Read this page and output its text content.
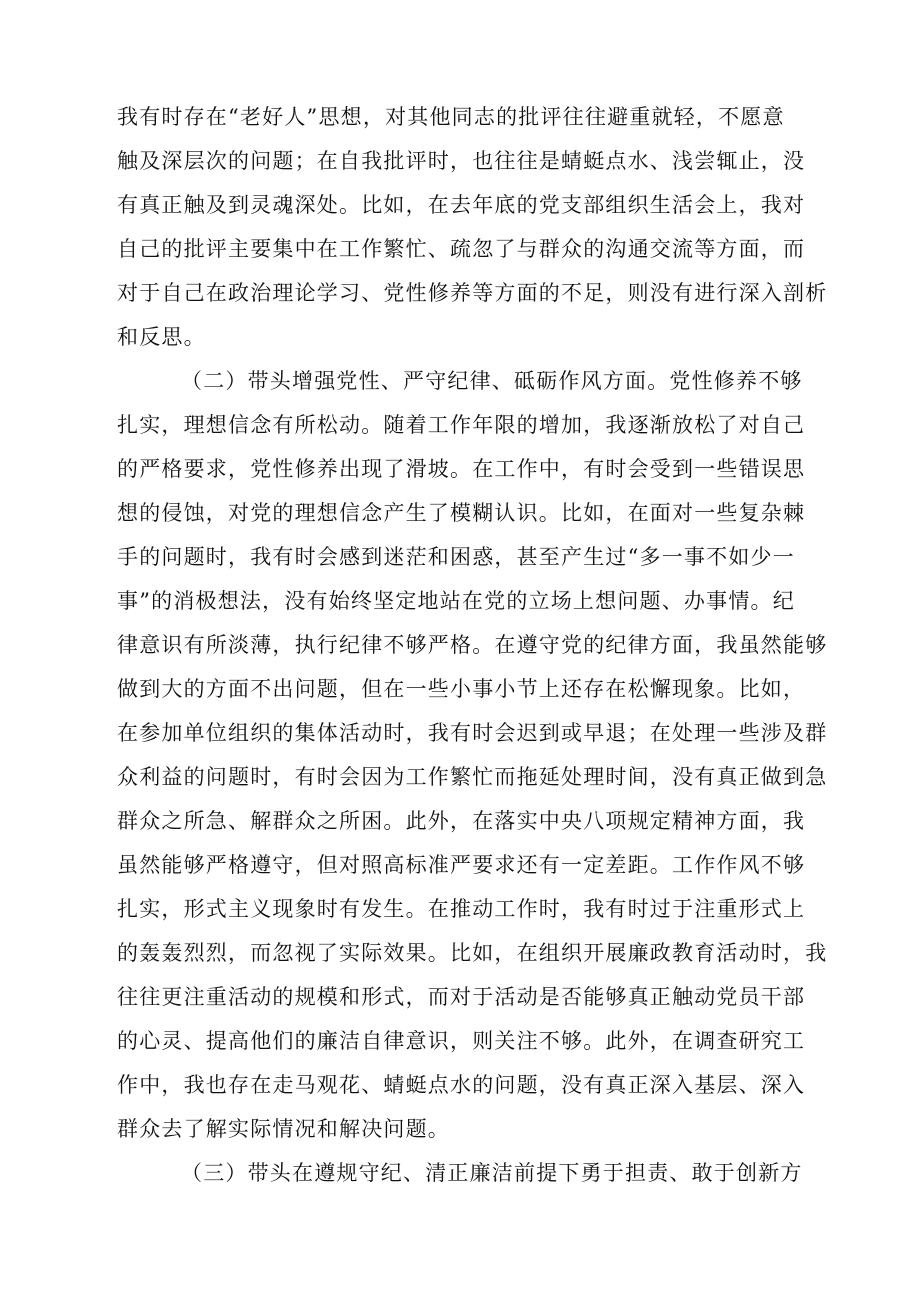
我有时存在“老好人”思想，对其他同志的批评往往避重就轻，不愿意
触及深层次的问题；在自我批评时，也往往是蜻蜓点水、浅尝辄止，没
有真正触及到灵魂深处。比如，在去年底的党支部组织生活会上，我对
自己的批评主要集中在工作繁忙、疏忽了与群众的沟通交流等方面，而
对于自己在政治理论学习、党性修养等方面的不足，则没有进行深入剖析
和反思。
（二）带头增强党性、严守纪律、砥砺作风方面。党性修养不够
扎实，理想信念有所松动。随着工作年限的增加，我逐渐放松了对自己
的严格要求，党性修养出现了滑坡。在工作中，有时会受到一些错误思
想的侵蚀，对党的理想信念产生了模糊认识。比如，在面对一些复杂棘
手的问题时，我有时会感到迷茫和困惑，甚至产生过“多一事不如少一
事”的消极想法，没有始终坚定地站在党的立场上想问题、办事情。纪
律意识有所淡薄，执行纪律不够严格。在遵守党的纪律方面，我虽然能够
做到大的方面不出问题，但在一些小事小节上还存在松懈现象。比如，
在参加单位组织的集体活动时，我有时会迟到或早退；在处理一些涉及群
众利益的问题时，有时会因为工作繁忙而拖延处理时间，没有真正做到急
群众之所急、解群众之所困。此外，在落实中央八项规定精神方面，我
虽然能够严格遵守，但对照高标准严要求还有一定差距。工作作风不够
扎实，形式主义现象时有发生。在推动工作时，我有时过于注重形式上
的轰轰烈烈，而忽视了实际效果。比如，在组织开展廉政教育活动时，我
往往更注重活动的规模和形式，而对于活动是否能够真正触动党员干部
的心灵、提高他们的廉洁自律意识，则关注不够。此外，在调查研究工
作中，我也存在走马观花、蜻蜓点水的问题，没有真正深入基层、深入
群众去了解实际情况和解决问题。
（三）带头在遵规守纪、清正廉洁前提下勇于担责、敢于创新方
